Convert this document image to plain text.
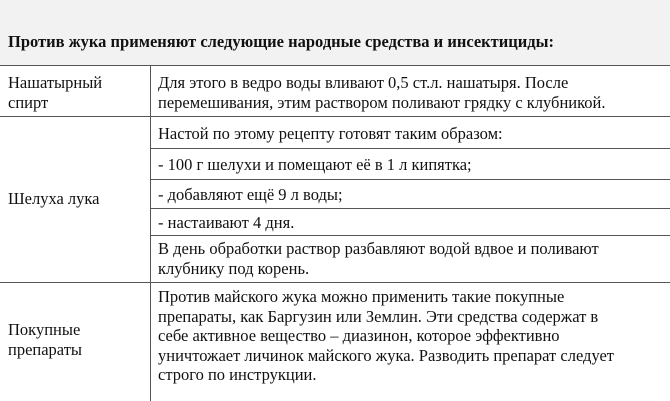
Против жука применяют следующие народные средства и инсектициды:
Нашатырный
спирт
Для этого в ведро воды вливают 0,5 ст.л. нашатыря. После
перемешивания, этим раствором поливают грядку с клубникой.
Шелуха лука
Настой по этому рецепту готовят таким образом:
- 100 г шелухи и помещают её в 1 л кипятка;
- добавляют ещё 9 л воды;
- настаивают 4 дня.
В день обработки раствор разбавляют водой вдвое и поливают
клубнику под корень.
Покупные
препараты
Против майского жука можно применить такие покупные
препараты, как Баргузин или Землин. Эти средства содержат в
себе активное вещество – диазинон, которое эффективно
уничтожает личинок майского жука. Разводить препарат следует
строго по инструкции.
